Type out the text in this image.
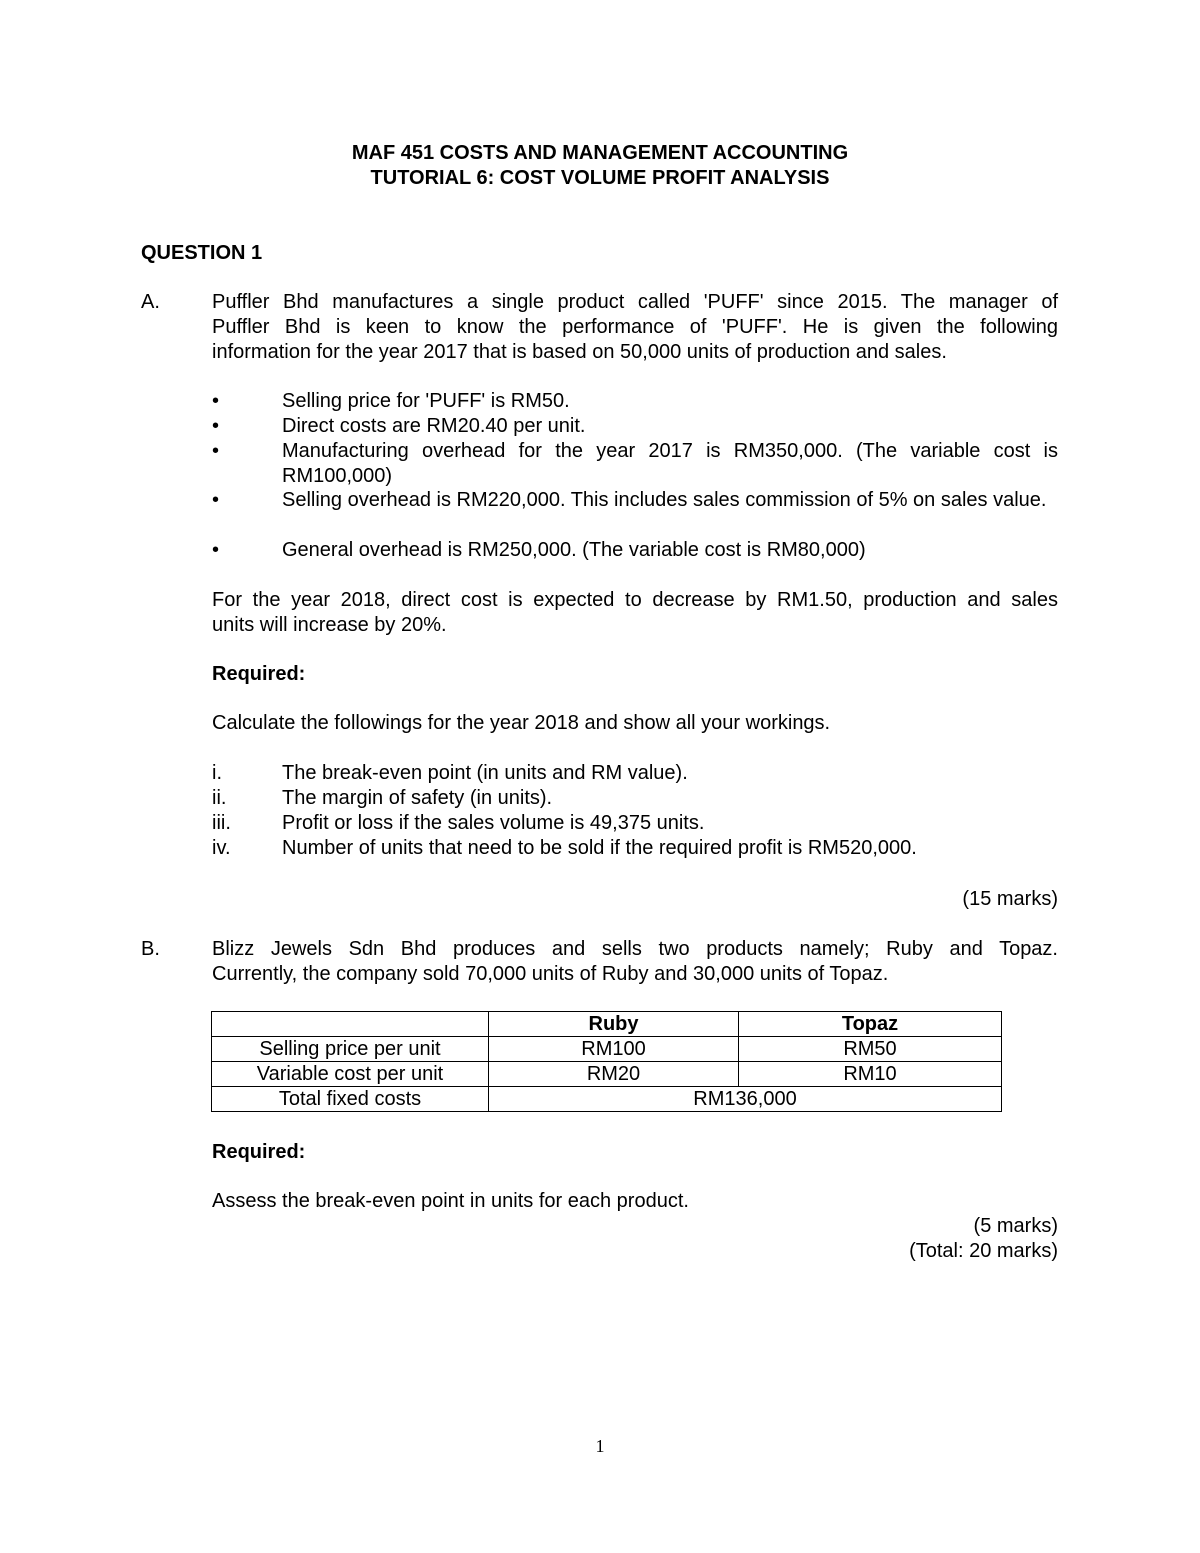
MAF 451 COSTS AND MANAGEMENT ACCOUNTING
TUTORIAL 6: COST VOLUME PROFIT ANALYSIS
QUESTION 1
A.	Puffler Bhd manufactures a single product called 'PUFF' since 2015. The manager of
Puffler Bhd is keen to know the performance of 'PUFF'. He is given the following
information for the year 2017 that is based on 50,000 units of production and sales.
•	Selling price for 'PUFF' is RM50.
•	Direct costs are RM20.40 per unit.
•	Manufacturing overhead for the year 2017 is RM350,000. (The variable cost is RM100,000)
•	Selling overhead is RM220,000. This includes sales commission of 5% on sales value.
•	General overhead is RM250,000. (The variable cost is RM80,000)
For the year 2018, direct cost is expected to decrease by RM1.50, production and sales
units will increase by 20%.
Required:
Calculate the followings for the year 2018 and show all your workings.
i.	The break-even point (in units and RM value).
ii.	The margin of safety (in units).
iii.	Profit or loss if the sales volume is 49,375 units.
iv.	Number of units that need to be sold if the required profit is RM520,000.
(15 marks)
B.	Blizz Jewels Sdn Bhd produces and sells two products namely; Ruby and Topaz.
Currently, the company sold 70,000 units of Ruby and 30,000 units of Topaz.
	Ruby	Topaz
Selling price per unit	RM100	RM50
Variable cost per unit	RM20	RM10
Total fixed costs	RM136,000	
Required:
Assess the break-even point in units for each product.
(5 marks)
(Total: 20 marks)
1
